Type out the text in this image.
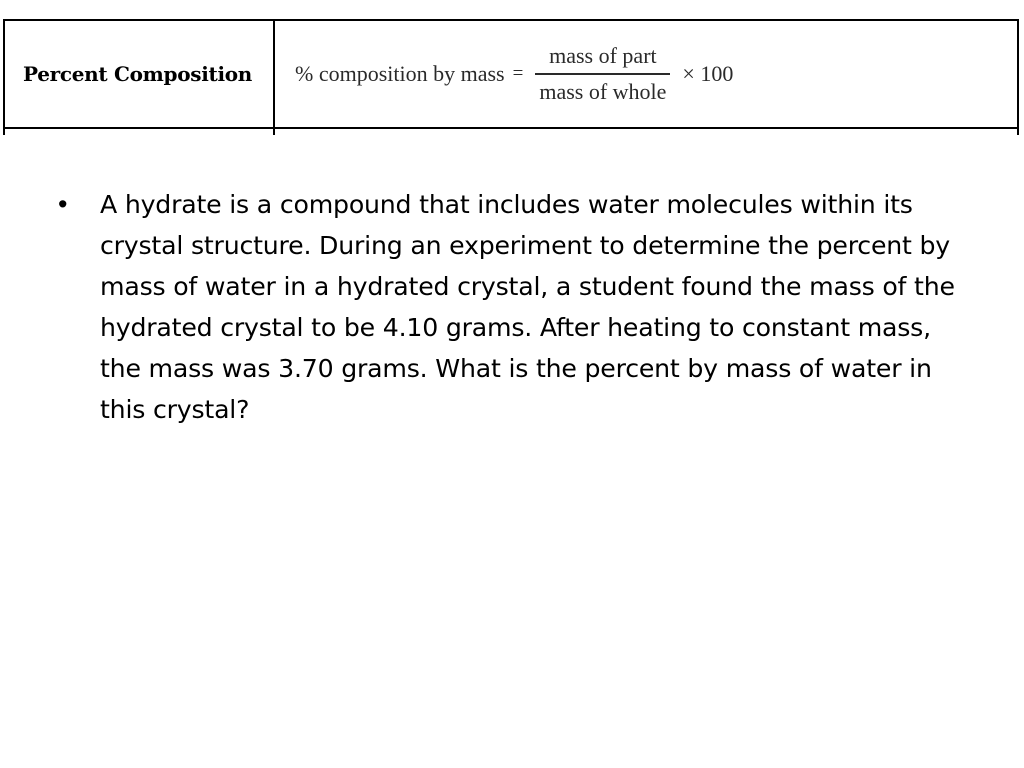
Percent Composition % composition by mass = $\frac{\text{mass of part}}{\text{mass of whole}} \times 100$
•	A hydrate is a compound that includes water molecules within its crystal structure. During an experiment to determine the percent by mass of water in a hydrated crystal, a student found the mass of the hydrated crystal to be 4.10 grams. After heating to constant mass, the mass was 3.70 grams. What is the percent by mass of water in this crystal?
